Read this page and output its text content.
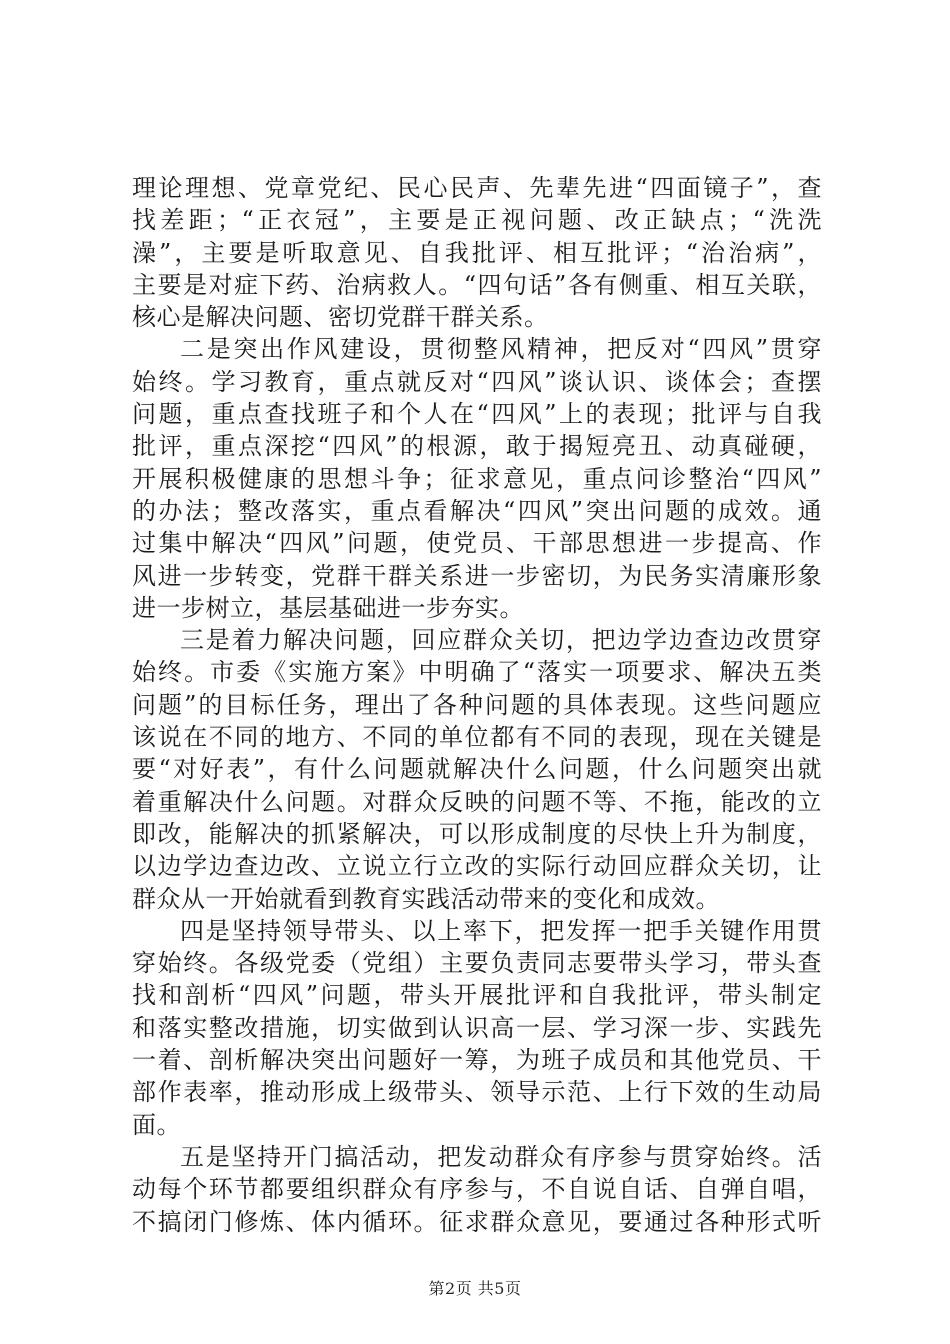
理论理想、党章党纪、民心民声、先辈先进“四面镜子”，查
找差距；“正衣冠”，主要是正视问题、改正缺点；“洗洗
澡”，主要是听取意见、自我批评、相互批评；“治治病”，
主要是对症下药、治病救人。“四句话”各有侧重、相互关联，
核心是解决问题、密切党群干群关系。
二是突出作风建设，贯彻整风精神，把反对“四风”贯穿
始终。学习教育，重点就反对“四风”谈认识、谈体会；查摆
问题，重点查找班子和个人在“四风”上的表现；批评与自我
批评，重点深挖“四风”的根源，敢于揭短亮丑、动真碰硬，
开展积极健康的思想斗争；征求意见，重点问诊整治“四风”
的办法；整改落实，重点看解决“四风”突出问题的成效。通
过集中解决“四风”问题，使党员、干部思想进一步提高、作
风进一步转变，党群干群关系进一步密切，为民务实清廉形象
进一步树立，基层基础进一步夯实。
三是着力解决问题，回应群众关切，把边学边查边改贯穿
始终。市委《实施方案》中明确了“落实一项要求、解决五类
问题”的目标任务，理出了各种问题的具体表现。这些问题应
该说在不同的地方、不同的单位都有不同的表现，现在关键是
要“对好表”，有什么问题就解决什么问题，什么问题突出就
着重解决什么问题。对群众反映的问题不等、不拖，能改的立
即改，能解决的抓紧解决，可以形成制度的尽快上升为制度，
以边学边查边改、立说立行立改的实际行动回应群众关切，让
群众从一开始就看到教育实践活动带来的变化和成效。
四是坚持领导带头、以上率下，把发挥一把手关键作用贯
穿始终。各级党委（党组）主要负责同志要带头学习，带头查
找和剖析“四风”问题，带头开展批评和自我批评，带头制定
和落实整改措施，切实做到认识高一层、学习深一步、实践先
一着、剖析解决突出问题好一筹，为班子成员和其他党员、干
部作表率，推动形成上级带头、领导示范、上行下效的生动局
面。
五是坚持开门搞活动，把发动群众有序参与贯穿始终。活
动每个环节都要组织群众有序参与，不自说自话、自弹自唱，
不搞闭门修炼、体内循环。征求群众意见，要通过各种形式听
第2页 共5页
